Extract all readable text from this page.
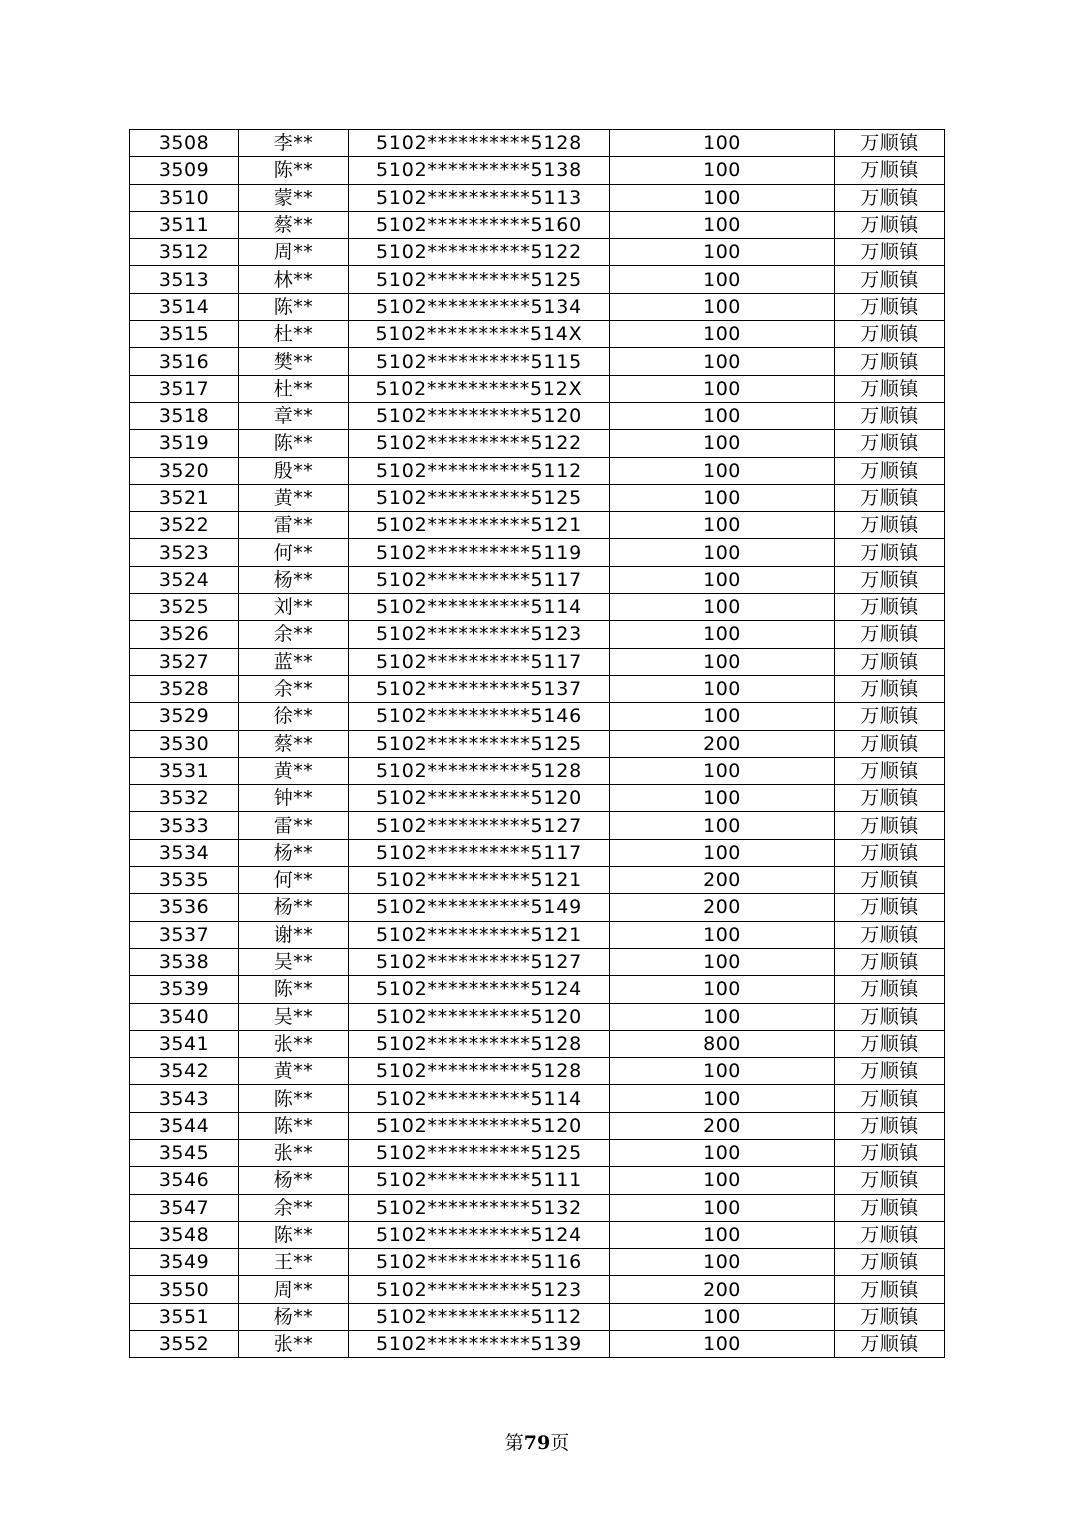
3508	李**	5102**********5128	100	万顺镇
3509	陈**	5102**********5138	100	万顺镇
3510	蒙**	5102**********5113	100	万顺镇
3511	蔡**	5102**********5160	100	万顺镇
3512	周**	5102**********5122	100	万顺镇
3513	林**	5102**********5125	100	万顺镇
3514	陈**	5102**********5134	100	万顺镇
3515	杜**	5102**********514X	100	万顺镇
3516	樊**	5102**********5115	100	万顺镇
3517	杜**	5102**********512X	100	万顺镇
3518	章**	5102**********5120	100	万顺镇
3519	陈**	5102**********5122	100	万顺镇
3520	殷**	5102**********5112	100	万顺镇
3521	黄**	5102**********5125	100	万顺镇
3522	雷**	5102**********5121	100	万顺镇
3523	何**	5102**********5119	100	万顺镇
3524	杨**	5102**********5117	100	万顺镇
3525	刘**	5102**********5114	100	万顺镇
3526	余**	5102**********5123	100	万顺镇
3527	蓝**	5102**********5117	100	万顺镇
3528	余**	5102**********5137	100	万顺镇
3529	徐**	5102**********5146	100	万顺镇
3530	蔡**	5102**********5125	200	万顺镇
3531	黄**	5102**********5128	100	万顺镇
3532	钟**	5102**********5120	100	万顺镇
3533	雷**	5102**********5127	100	万顺镇
3534	杨**	5102**********5117	100	万顺镇
3535	何**	5102**********5121	200	万顺镇
3536	杨**	5102**********5149	200	万顺镇
3537	谢**	5102**********5121	100	万顺镇
3538	吴**	5102**********5127	100	万顺镇
3539	陈**	5102**********5124	100	万顺镇
3540	吴**	5102**********5120	100	万顺镇
3541	张**	5102**********5128	800	万顺镇
3542	黄**	5102**********5128	100	万顺镇
3543	陈**	5102**********5114	100	万顺镇
3544	陈**	5102**********5120	200	万顺镇
3545	张**	5102**********5125	100	万顺镇
3546	杨**	5102**********5111	100	万顺镇
3547	余**	5102**********5132	100	万顺镇
3548	陈**	5102**********5124	100	万顺镇
3549	王**	5102**********5116	100	万顺镇
3550	周**	5102**********5123	200	万顺镇
3551	杨**	5102**********5112	100	万顺镇
3552	张**	5102**********5139	100	万顺镇
第79页
